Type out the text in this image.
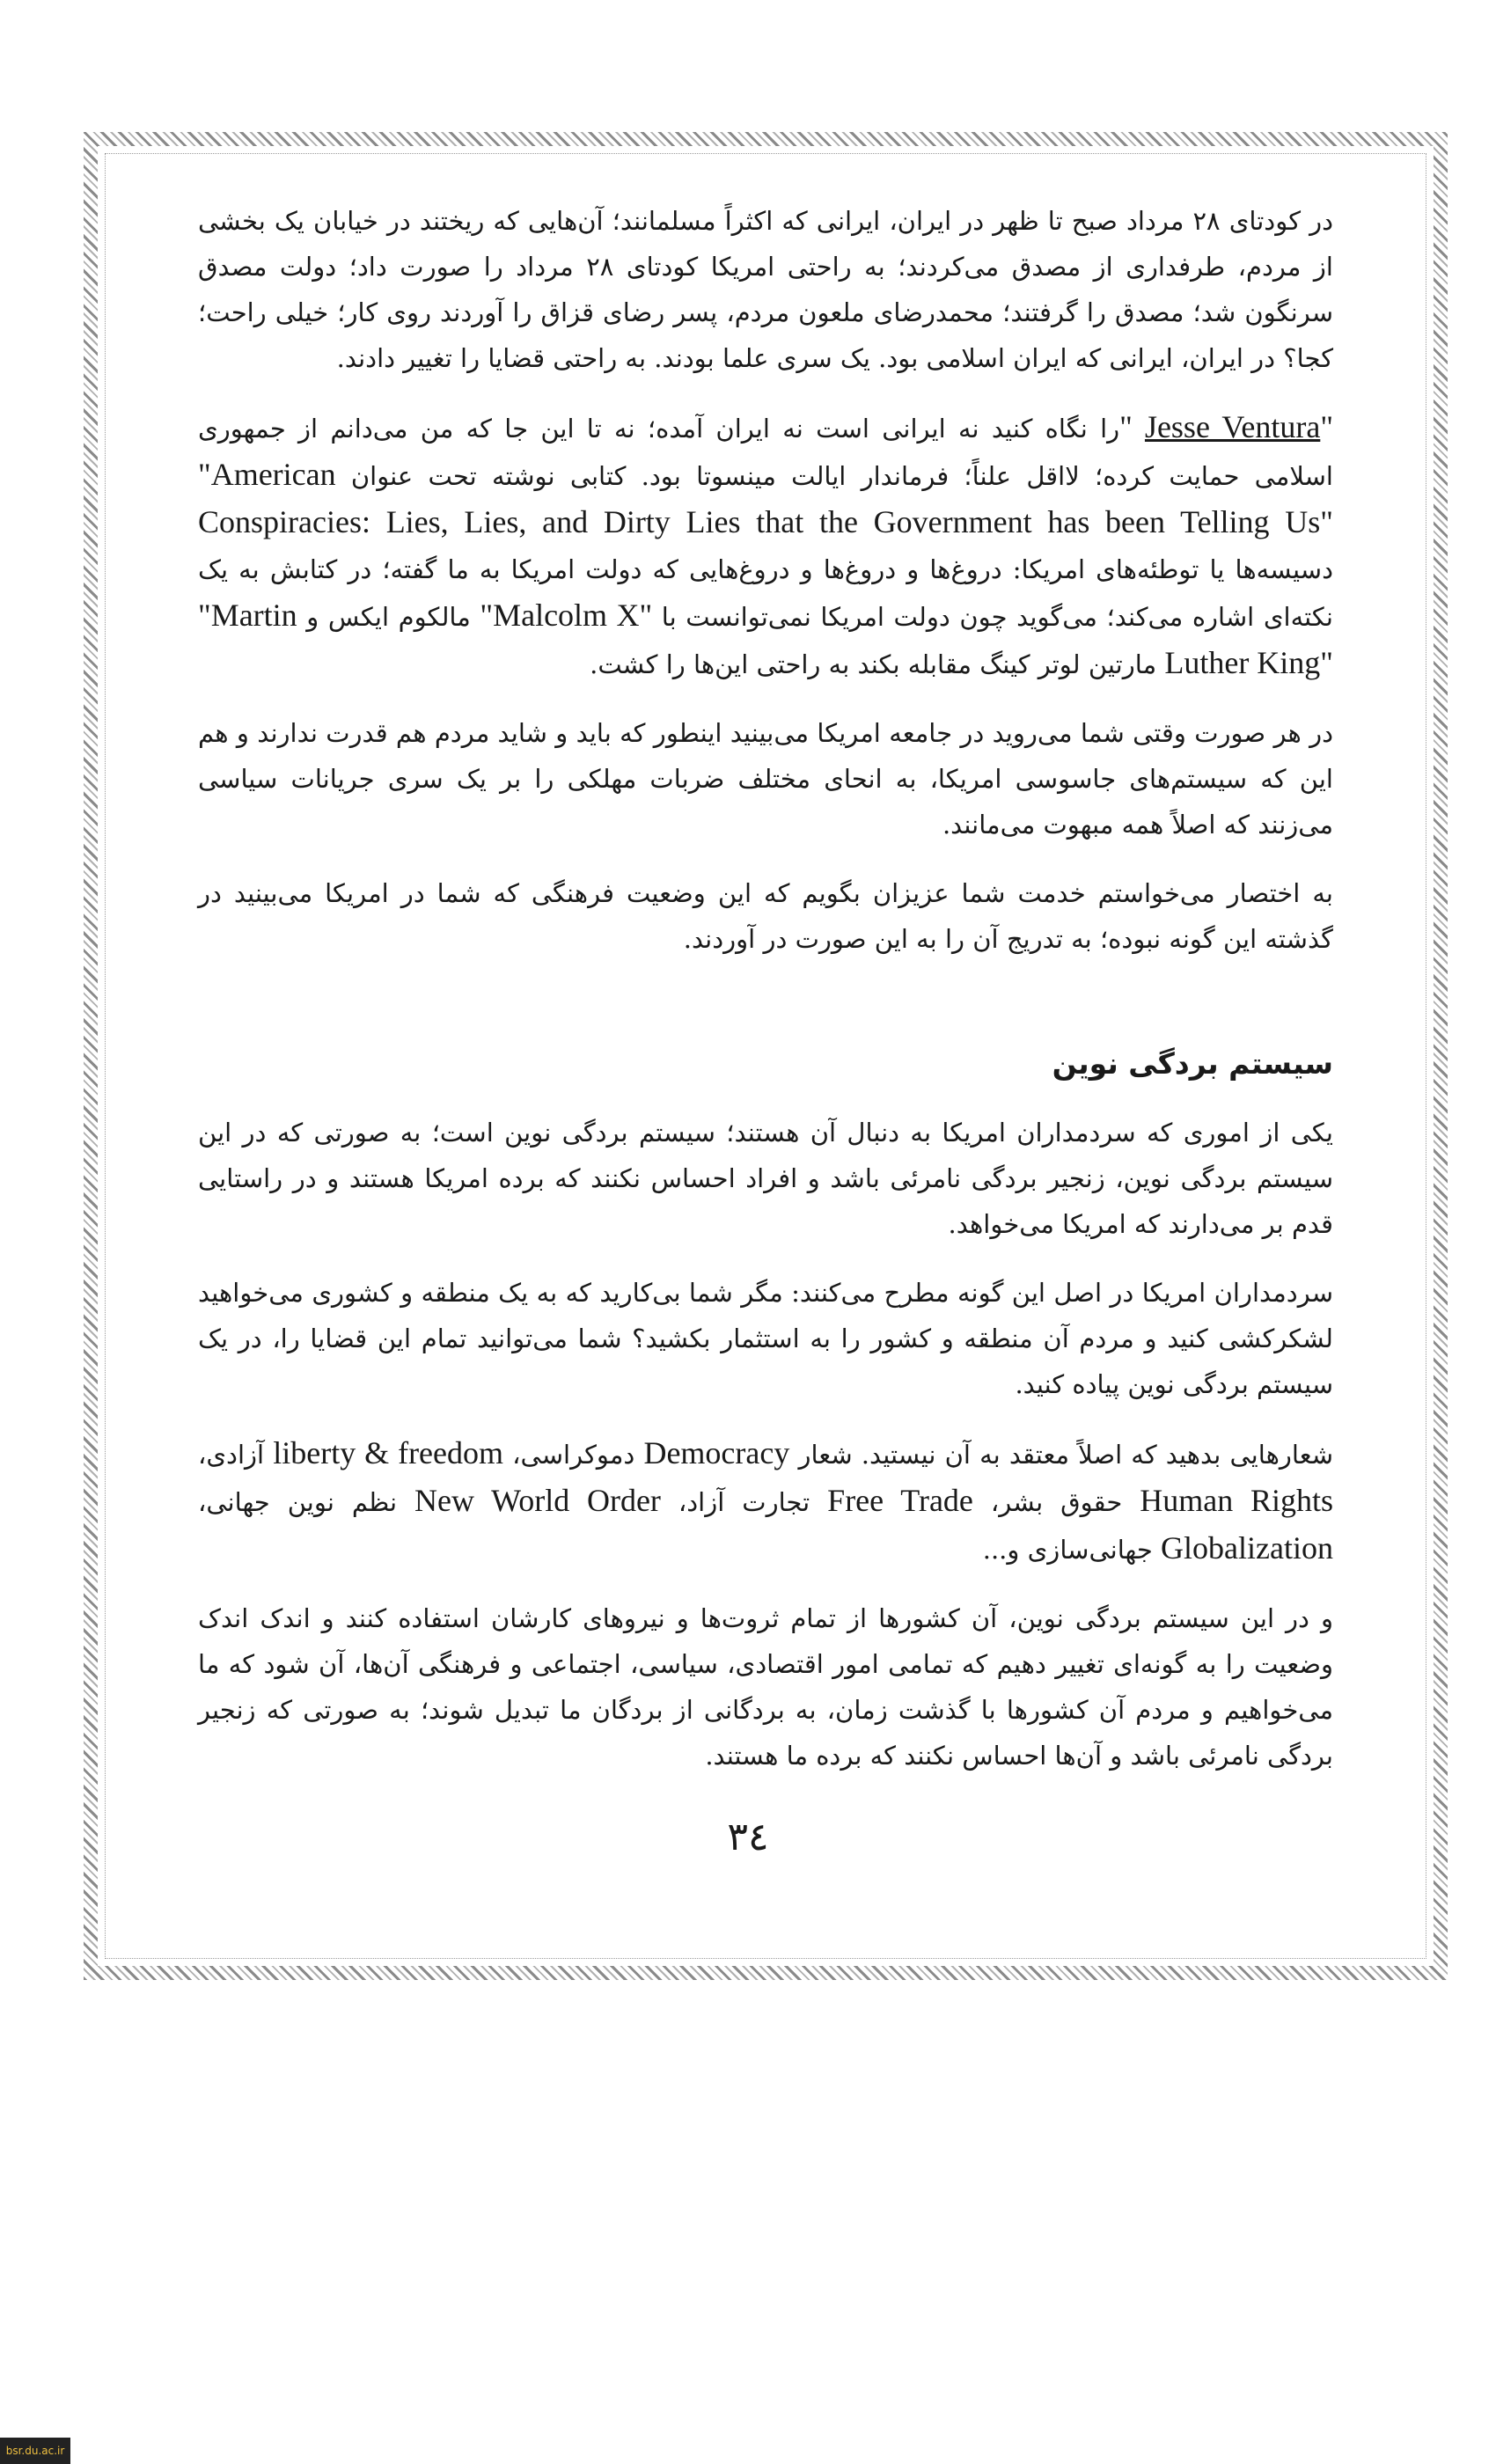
در کودتای ۲۸ مرداد صبح تا ظهر در ایران، ایرانی که اکثراً مسلمانند؛ آن‌هایی که ریختند در خیابان یک بخشی از مردم، طرفداری از مصدق می‌کردند؛ به راحتی امریکا کودتای ۲۸ مرداد را صورت داد؛ دولت مصدق سرنگون شد؛ مصدق را گرفتند؛ محمدرضای ملعون مردم، پسر رضای قزاق را آوردند روی کار؛ خیلی راحت؛ کجا؟ در ایران، ایرانی که ایران اسلامی بود. یک سری علما بودند. به راحتی قضایا را تغییر دادند.

"Jesse Ventura" را نگاه کنید نه ایرانی است نه ایران آمده؛ نه تا این جا که من می‌دانم از جمهوری اسلامی حمایت کرده؛ لااقل علناً؛ فرماندار ایالت مینسوتا بود. کتابی نوشته تحت عنوان "American Conspiracies: Lies, Lies, and Dirty Lies that the Government has been Telling Us" دسیسه‌ها یا توطئه‌های امریکا: دروغ‌ها و دروغ‌ها و دروغ‌هایی که دولت امریکا به ما گفته؛ در کتابش به یک نکته‌ای اشاره می‌کند؛ می‌گوید چون دولت امریکا نمی‌توانست با "Malcolm X" مالکوم ایکس و "Martin Luther King" مارتین لوتر کینگ مقابله بکند به راحتی این‌ها را کشت.

در هر صورت وقتی شما می‌روید در جامعه امریکا می‌بینید اینطور که باید و شاید مردم هم قدرت ندارند و هم این که سیستم‌های جاسوسی امریکا، به انحای مختلف ضربات مهلکی را بر یک سری جریانات سیاسی می‌زنند که اصلاً همه مبهوت می‌مانند.

به اختصار می‌خواستم خدمت شما عزیزان بگویم که این وضعیت فرهنگی که شما در امریکا می‌بینید در گذشته این گونه نبوده؛ به تدریج آن را به این صورت در آوردند.

سیستم بردگی نوین

یکی از اموری که سردمداران امریکا به دنبال آن هستند؛ سیستم بردگی نوین است؛ به صورتی که در این سیستم بردگی نوین، زنجیر بردگی نامرئی باشد و افراد احساس نکنند که برده امریکا هستند و در راستایی قدم بر می‌دارند که امریکا می‌خواهد.

سردمداران امریکا در اصل این گونه مطرح می‌کنند: مگر شما بی‌کارید که به یک منطقه و کشوری می‌خواهید لشکرکشی کنید و مردم آن منطقه و کشور را به استثمار بکشید؟ شما می‌توانید تمام این قضایا را، در یک سیستم بردگی نوین پیاده کنید.

شعارهایی بدهید که اصلاً معتقد به آن نیستید. شعار Democracy دموکراسی، liberty & freedom آزادی، Human Rights حقوق بشر، Free Trade تجارت آزاد، New World Order نظم نوین جهانی، Globalization جهانی‌سازی و...

و در این سیستم بردگی نوین، آن کشورها از تمام ثروت‌ها و نیروهای کارشان استفاده کنند و اندک اندک وضعیت را به گونه‌ای تغییر دهیم که تمامی امور اقتصادی، سیاسی، اجتماعی و فرهنگی آن‌ها، آن شود که ما می‌خواهیم و مردم آن کشورها با گذشت زمان، به بردگانی از بردگان ما تبدیل شوند؛ به صورتی که زنجیر بردگی نامرئی باشد و آن‌ها احساس نکنند که برده ما هستند.

۳٤
bsr.du.ac.ir
